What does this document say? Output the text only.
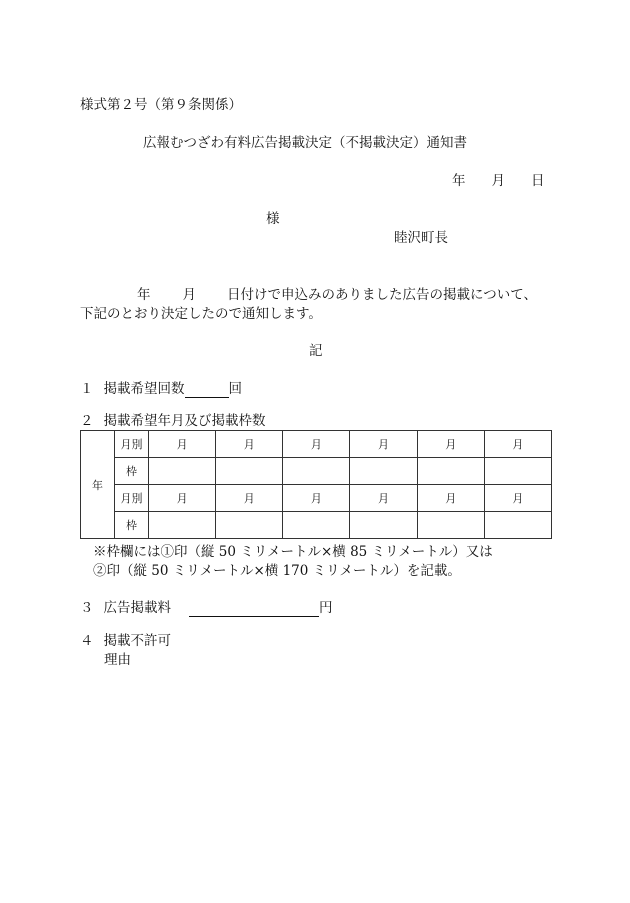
様式第２号（第９条関係）
広報むつざわ有料広告掲載決定（不掲載決定）通知書
年 月 日
様
睦沢町長
年 月 日付けで申込みのありました広告の掲載について、
下記のとおり決定したので通知します。
記
１ 掲載希望回数	回
２ 掲載希望年月及び掲載枠数
年	月別	月	月	月	月	月	月
	枠						
	月別	月	月	月	月	月	月
	枠						
※枠欄には①印（縦 50 ミリメートル×横 85 ミリメートル）又は
②印（縦 50 ミリメートル×横 170 ミリメートル）を記載。
３ 広告掲載料	円
４ 掲載不許可
理由
